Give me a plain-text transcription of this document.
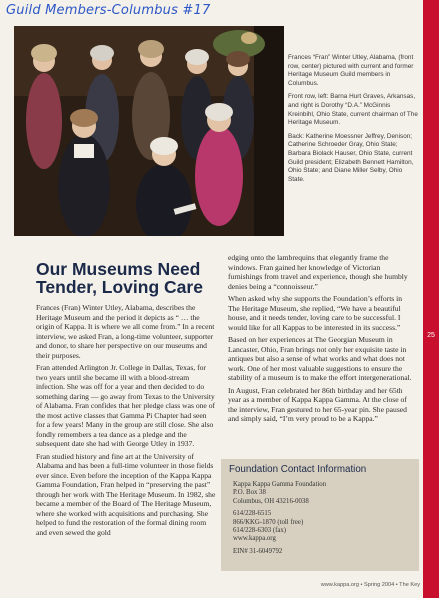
Guild Members-Columbus #17
25

Frances “Fran” Winter Utley, Alabama, (front row, center) pictured with current and former Heritage Museum Guild members in Columbus.

Front row, left: Barna Hurt Graves, Arkansas, and right is Dorothy “D.A.” McGinnis Kreinbihl, Ohio State, current chairman of The Heritage Museum.

Back: Katherine Moessner Jeffrey, Denison; Catherine Schroeder Gray, Ohio State; Barbara Biolack Hauser, Ohio State, current Guild president; Elizabeth Bennett Hamilton, Ohio State; and Diane Miller Selby, Ohio State.

Our Museums Need Tender, Loving Care

Frances (Fran) Winter Utley, Alabama, describes the Heritage Museum and the period it depicts as “ … the origin of Kappa. It is where we all come from.” In a recent interview, we asked Fran, a long-time volunteer, supporter and donor, to share her perspective on our museums and their purposes.

Fran attended Arlington Jr. College in Dallas, Texas, for two years until she became ill with a blood-stream infection. She was off for a year and then decided to do something daring — go away from Texas to the University of Alabama. Fran confides that her pledge class was one of the most active classes that Gamma Pi Chapter had seen for a few years! Many in the group are still close. She also fondly remembers a tea dance as a pledge and the subsequent date she had with George Utley in 1937.

Fran studied history and fine art at the University of Alabama and has been a full-time volunteer in those fields ever since. Even before the inception of the Kappa Kappa Gamma Foundation, Fran helped in “preserving the past” through her work with The Heritage Museum. In 1982, she became a member of the Board of The Heritage Museum, where she worked with acquisitions and purchasing. She helped to fund the restoration of the formal dining room and even sewed the gold

edging onto the lambrequins that elegantly frame the windows. Fran gained her knowledge of Victorian furnishings from travel and experience, though she humbly denies being a “connoisseur.”

When asked why she supports the Foundation’s efforts in The Heritage Museum, she replied, “We have a beautiful house, and it needs tender, loving care to be successful. I would like for all Kappas to be interested in its success.”

Based on her experiences at The Georgian Museum in Lancaster, Ohio, Fran brings not only her exquisite taste in antiques but also a sense of what works and what does not work. One of her most valuable suggestions to ensure the stability of a museum is to make the effort intergenerational.

In August, Fran celebrated her 86th birthday and her 65th year as a member of Kappa Kappa Gamma. At the close of the interview, Fran gestured to her 65-year pin. She paused and simply said, “I’m very proud to be a Kappa.”

Foundation Contact Information
Kappa Kappa Gamma Foundation
P.O. Box 38
Columbus, OH 43216-0038
614/228-6515
866/KKG-1870 (toll free)
614/228-6303 (fax)
www.kappa.org
EIN# 31-6049792
www.kappa.org • Spring 2004 • The Key
